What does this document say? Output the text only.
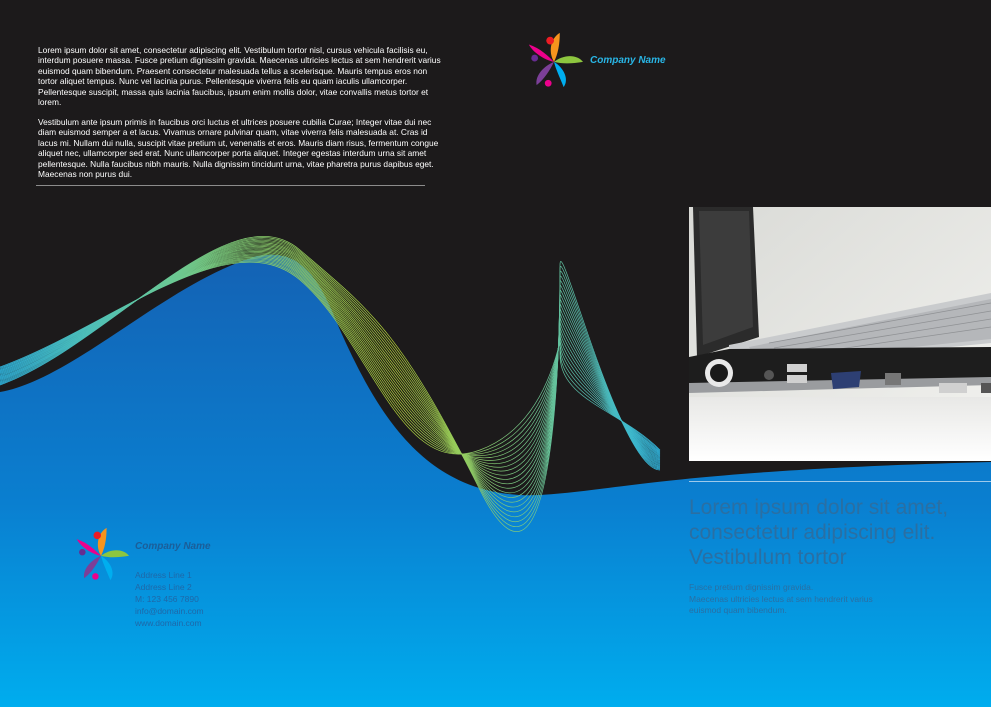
Lorem ipsum dolor sit amet, consectetur adipiscing elit. Vestibulum tortor nisl, cursus vehicula facilisis eu, interdum posuere massa. Fusce pretium dignissim gravida. Maecenas ultricies lectus at sem hendrerit varius euismod quam bibendum. Praesent consectetur malesuada tellus a scelerisque. Mauris tempus eros non tortor aliquet tempus. Nunc vel lacinia purus. Pellentesque viverra felis eu quam iaculis ullamcorper. Pellentesque suscipit, massa quis lacinia faucibus, ipsum enim mollis dolor, vitae convallis metus tortor et lorem.

Vestibulum ante ipsum primis in faucibus orci luctus et ultrices posuere cubilia Curae; Integer vitae dui nec diam euismod semper a et lacus. Vivamus ornare pulvinar quam, vitae viverra felis malesuada at. Cras id lacus mi. Nullam dui nulla, suscipit vitae pretium ut, venenatis et eros. Mauris diam risus, fermentum congue aliquet nec, ullamcorper sed erat. Nunc ullamcorper porta aliquet. Integer egestas interdum urna sit amet pellentesque. Nulla faucibus nibh mauris. Nulla dignissim tincidunt urna, vitae pharetra purus dapibus eget. Maecenas non purus dui.

Company Name

Lorem ipsum dolor sit amet, consectetur adipiscing elit. Vestibulum tortor

Fusce pretium dignissim gravida.
Maecenas ultricies lectus at sem hendrerit varius
euismod quam bibendum.

Company Name
Address Line 1
Address Line 2
M: 123 456 7890
info@domain.com
www.domain.com
